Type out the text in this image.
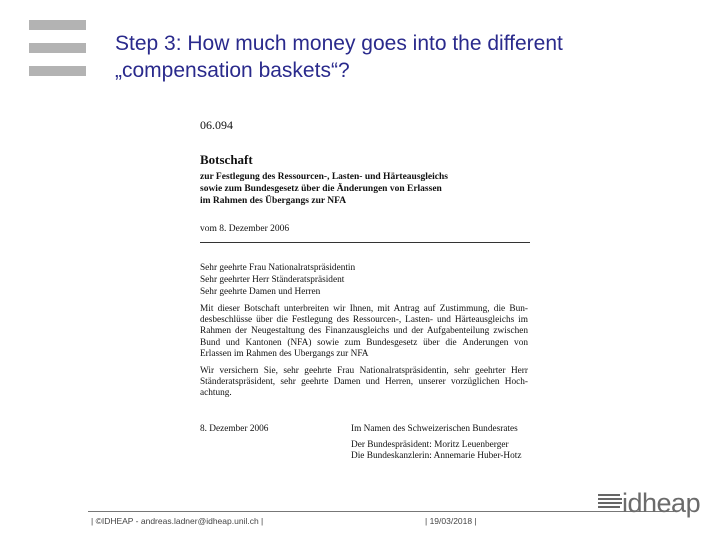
Step 3: How much money goes into the different
„compensation baskets“?
06.094
Botschaft
zur Festlegung des Ressourcen-, Lasten- und Härteausgleichs
sowie zum Bundesgesetz über die Änderungen von Erlassen
im Rahmen des Übergangs zur NFA
vom 8. Dezember 2006
Sehr geehrte Frau Nationalratspräsidentin
Sehr geehrter Herr Ständeratspräsident
Sehr geehrte Damen und Herren
Mit dieser Botschaft unterbreiten wir Ihnen, mit Antrag auf Zustimmung, die Bun-
desbeschlüsse über die Festlegung des Ressourcen-, Lasten- und Härteausgleichs im
Rahmen der Neugestaltung des Finanzausgleichs und der Aufgabenteilung zwischen
Bund und Kantonen (NFA) sowie zum Bundesgesetz über die Änderungen von
Erlassen im Rahmen des Übergangs zur NFA
Wir versichern Sie, sehr geehrte Frau Nationalratspräsidentin, sehr geehrter Herr
Ständeratspräsident, sehr geehrte Damen und Herren, unserer vorzüglichen Hoch-
achtung.
8. Dezember 2006	Im Namen des Schweizerischen Bundesrates
Der Bundespräsident: Moritz Leuenberger
Die Bundeskanzlerin: Annemarie Huber-Hotz
| ©IDHEAP - andreas.ladner@idheap.unil.ch |	| 19/03/2018 |
idheap
